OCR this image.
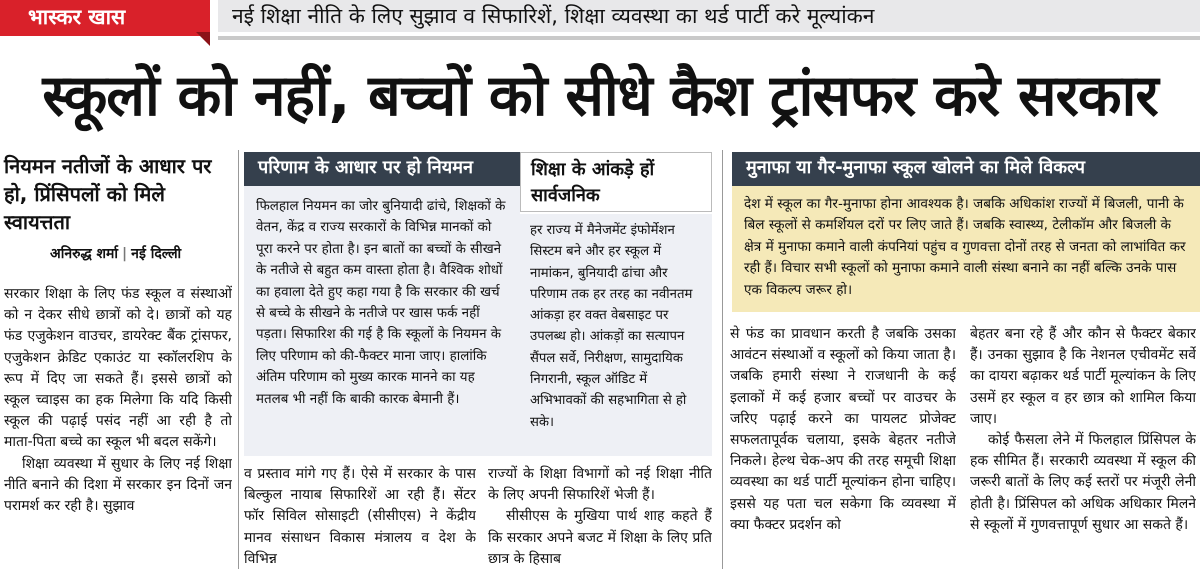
भास्कर खास	नई शिक्षा नीति के लिए सुझाव व सिफारिशें, शिक्षा व्यवस्था का थर्ड पार्टी करे मूल्यांकन
स्कूलों को नहीं, बच्चों को सीधे कैश ट्रांसफर करे सरकार
नियमन नतीजों के आधार पर हो, प्रिंसिपलों को मिले स्वायत्तता
अनिरुद्ध शर्मा | नई दिल्ली

सरकार शिक्षा के लिए फंड स्कूल व संस्थाओं को न देकर सीधे छात्रों को दे। छात्रों को यह फंड एजुकेशन वाउचर, डायरेक्ट बैंक ट्रांसफर, एजुकेशन क्रेडिट एकाउंट या स्कॉलरशिप के रूप में दिए जा सकते हैं। इससे छात्रों को स्कूल च्वाइस का हक मिलेगा कि यदि किसी स्कूल की पढ़ाई पसंद नहीं आ रही है तो माता-पिता बच्चे का स्कूल भी बदल सकेंगे।

शिक्षा व्यवस्था में सुधार के लिए नई शिक्षा नीति बनाने की दिशा में सरकार इन दिनों जन परामर्श कर रही है। सुझाव

परिणाम के आधार पर हो नियमन
फिलहाल नियमन का जोर बुनियादी ढांचे, शिक्षकों के वेतन, केंद्र व राज्य सरकारों के विभिन्न मानकों को पूरा करने पर होता है। इन बातों का बच्चों के सीखने के नतीजे से बहुत कम वास्ता होता है। वैश्विक शोधों का हवाला देते हुए कहा गया है कि सरकार की खर्च से बच्चे के सीखने के नतीजे पर खास फर्क नहीं पड़ता। सिफारिश की गई है कि स्कूलों के नियमन के लिए परिणाम को की-फैक्टर माना जाए। हालांकि अंतिम परिणाम को मुख्य कारक मानने का यह मतलब भी नहीं कि बाकी कारक बेमानी हैं।
शिक्षा के आंकड़े हों सार्वजनिक
हर राज्य में मैनेजमेंट इंफोर्मेशन सिस्टम बने और हर स्कूल में नामांकन, बुनियादी ढांचा और परिणाम तक हर तरह का नवीनतम आंकड़ा हर वक्त वेबसाइट पर उपलब्ध हो। आंकड़ों का सत्यापन सैंपल सर्वे, निरीक्षण, सामुदायिक निगरानी, स्कूल ऑडिट में अभिभावकों की सहभागिता से हो सके।
मुनाफा या गैर-मुनाफा स्कूल खोलने का मिले विकल्प
देश में स्कूल का गैर-मुनाफा होना आवश्यक है। जबकि अधिकांश राज्यों में बिजली, पानी के बिल स्कूलों से कमर्शियल दरों पर लिए जाते हैं। जबकि स्वास्थ्य, टेलीकॉम और बिजली के क्षेत्र में मुनाफा कमाने वाली कंपनियां पहुंच व गुणवत्ता दोनों तरह से जनता को लाभांवित कर रही हैं। विचार सभी स्कूलों को मुनाफा कमाने वाली संस्था बनाने का नहीं बल्कि उनके पास एक विकल्प जरूर हो।

व प्रस्ताव मांगे गए हैं। ऐसे में सरकार के पास बिल्कुल नायाब सिफारिशें आ रही हैं। सेंटर फॉर सिविल सोसाइटी (सीसीएस) ने केंद्रीय मानव संसाधन विकास मंत्रालय व देश के विभिन्न

राज्यों के शिक्षा विभागों को नई शिक्षा नीति के लिए अपनी सिफारिशें भेजी हैं।

सीसीएस के मुखिया पार्थ शाह कहते हैं कि सरकार अपने बजट में शिक्षा के लिए प्रति छात्र के हिसाब

से फंड का प्रावधान करती है जबकि उसका आवंटन संस्थाओं व स्कूलों को किया जाता है। जबकि हमारी संस्था ने राजधानी के कई इलाकों में कई हजार बच्चों पर वाउचर के जरिए पढ़ाई करने का पायलट प्रोजेक्ट सफलतापूर्वक चलाया, इसके बेहतर नतीजे निकले। हेल्थ चेक-अप की तरह समूची शिक्षा व्यवस्था का थर्ड पार्टी मूल्यांकन होना चाहिए। इससे यह पता चल सकेगा कि व्यवस्था में क्या फैक्टर प्रदर्शन को

बेहतर बना रहे हैं और कौन से फैक्टर बेकार हैं। उनका सुझाव है कि नेशनल एचीवमेंट सर्वे का दायरा बढ़ाकर थर्ड पार्टी मूल्यांकन के लिए उसमें हर स्कूल व हर छात्र को शामिल किया जाए।

कोई फैसला लेने में फिलहाल प्रिंसिपल के हक सीमित हैं। सरकारी व्यवस्था में स्कूल की जरूरी बातों के लिए कई स्तरों पर मंजूरी लेनी होती है। प्रिंसिपल को अधिक अधिकार मिलने से स्कूलों में गुणवत्तापूर्ण सुधार आ सकते हैं।
